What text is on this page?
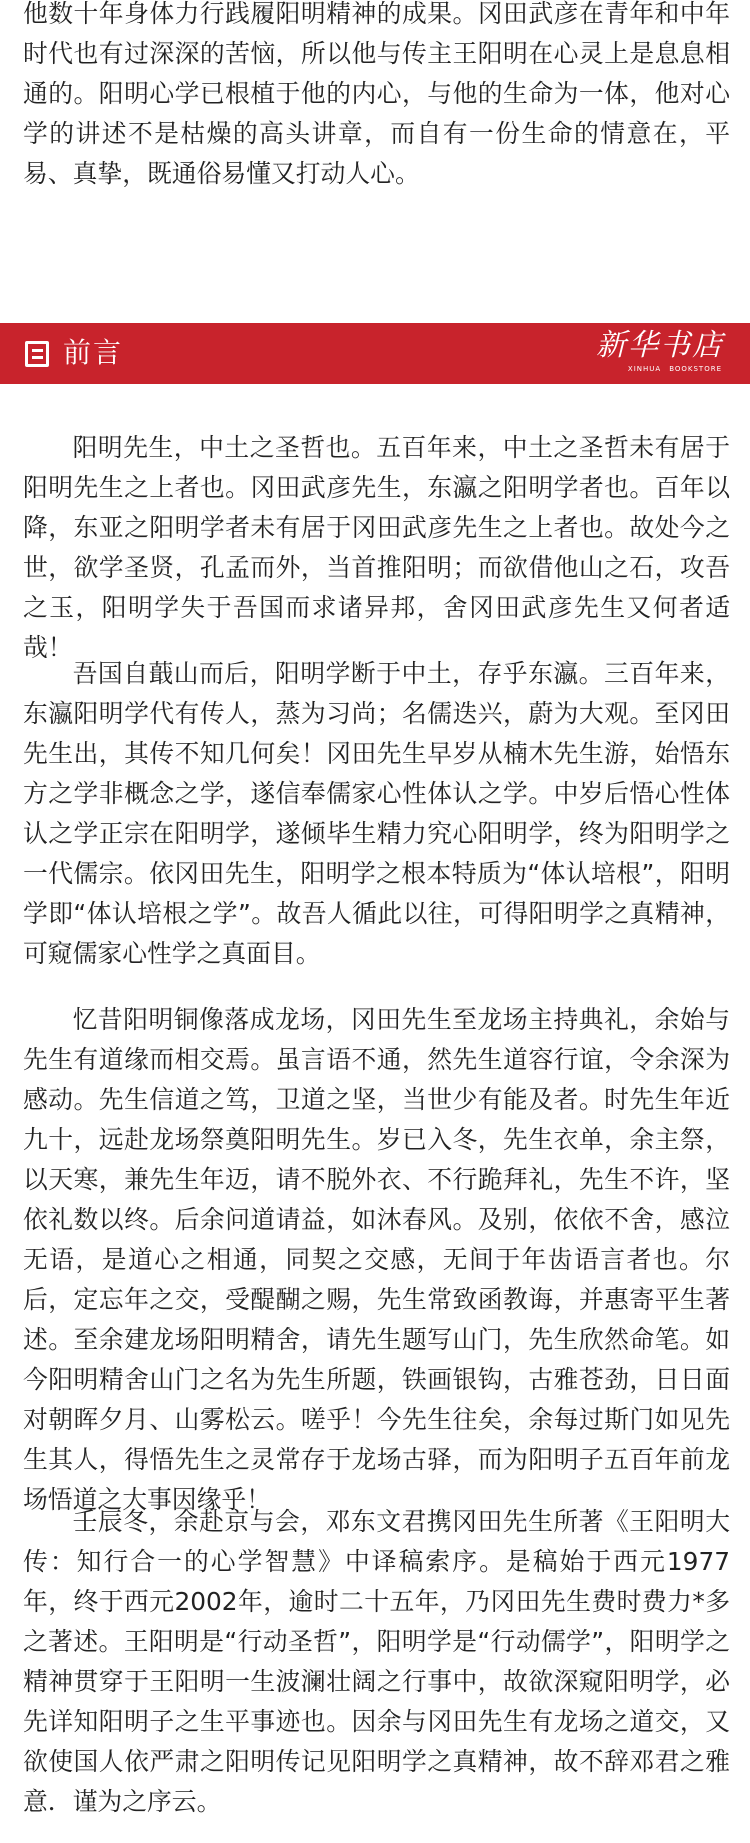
他数十年身体力行践履阳明精神的成果。冈田武彦在青年和中年时代也有过深深的苦恼，所以他与传主王阳明在心灵上是息息相通的。阳明心学已根植于他的内心，与他的生命为一体，他对心学的讲述不是枯燥的高头讲章，而自有一份生命的情意在，平易、真挚，既通俗易懂又打动人心。

前言	新华书店
XINHUA　BOOKSTORE

阳明先生，中土之圣哲也。五百年来，中土之圣哲未有居于阳明先生之上者也。冈田武彦先生，东瀛之阳明学者也。百年以降，东亚之阳明学者未有居于冈田武彦先生之上者也。故处今之世，欲学圣贤，孔孟而外，当首推阳明；而欲借他山之石，攻吾之玉，阳明学失于吾国而求诸异邦，舍冈田武彦先生又何者适哉！

吾国自蕺山而后，阳明学断于中土，存乎东瀛。三百年来，东瀛阳明学代有传人，蒸为习尚；名儒迭兴，蔚为大观。至冈田先生出，其传不知几何矣！冈田先生早岁从楠木先生游，始悟东方之学非概念之学，遂信奉儒家心性体认之学。中岁后悟心性体认之学正宗在阳明学，遂倾毕生精力究心阳明学，终为阳明学之一代儒宗。依冈田先生，阳明学之根本特质为“体认培根”，阳明学即“体认培根之学”。故吾人循此以往，可得阳明学之真精神，可窥儒家心性学之真面目。

忆昔阳明铜像落成龙场，冈田先生至龙场主持典礼，余始与先生有道缘而相交焉。虽言语不通，然先生道容行谊，令余深为感动。先生信道之笃，卫道之坚，当世少有能及者。时先生年近九十，远赴龙场祭奠阳明先生。岁已入冬，先生衣单，余主祭，以天寒，兼先生年迈，请不脱外衣、不行跪拜礼，先生不许，坚依礼数以终。后余问道请益，如沐春风。及别，依依不舍，感泣无语，是道心之相通，同契之交感，无间于年齿语言者也。尔后，定忘年之交，受醍醐之赐，先生常致函教诲，并惠寄平生著述。至余建龙场阳明精舍，请先生题写山门，先生欣然命笔。如今阳明精舍山门之名为先生所题，铁画银钩，古雅苍劲，日日面对朝晖夕月、山雾松云。嗟乎！今先生往矣，余每过斯门如见先生其人，得悟先生之灵常存于龙场古驿，而为阳明子五百年前龙场悟道之大事因缘乎！

壬辰冬，余赴京与会，邓东文君携冈田先生所著《王阳明大传：知行合一的心学智慧》中译稿索序。是稿始于西元1977年，终于西元2002年，逾时二十五年，乃冈田先生费时费力*多之著述。王阳明是“行动圣哲”，阳明学是“行动儒学”，阳明学之精神贯穿于王阳明一生波澜壮阔之行事中，故欲深窥阳明学，必先详知阳明子之生平事迹也。因余与冈田先生有龙场之道交，又欲使国人依严肃之阳明传记见阳明学之真精神，故不辞邓君之雅意．谨为之序云。
